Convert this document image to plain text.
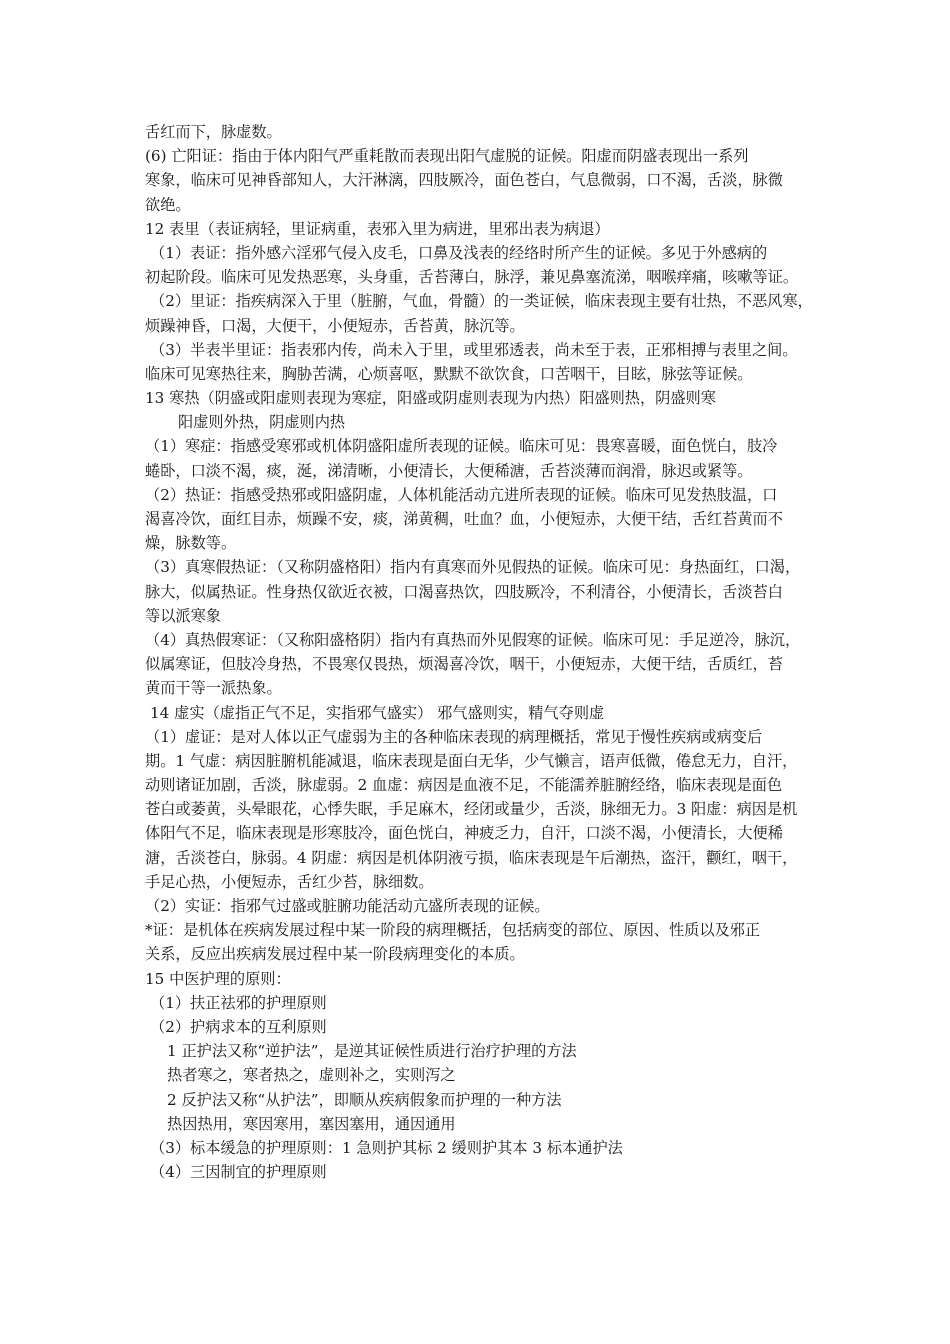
舌红而下，脉虚数。
(6) 亡阳证：指由于体内阳气严重耗散而表现出阳气虚脱的证候。阳虚而阴盛表现出一系列
寒象，临床可见神昏部知人，大汗淋漓，四肢厥冷，面色苍白，气息微弱，口不渴，舌淡，脉微
欲绝。
12 表里（表证病轻，里证病重，表邪入里为病进，里邪出表为病退）
（1）表证：指外感六淫邪气侵入皮毛，口鼻及浅表的经络时所产生的证候。多见于外感病的
初起阶段。临床可见发热恶寒，头身重，舌苔薄白，脉浮，兼见鼻塞流涕，咽喉痒痛，咳嗽等证。
（2）里证：指疾病深入于里（脏腑，气血，骨髓）的一类证候，临床表现主要有壮热，不恶风寒，
烦躁神昏，口渴，大便干，小便短赤，舌苔黄，脉沉等。
（3）半表半里证：指表邪内传，尚未入于里，或里邪透表，尚未至于表，正邪相搏与表里之间。
临床可见寒热往来，胸胁苦满，心烦喜呕，默默不欲饮食，口苦咽干，目眩，脉弦等证候。
13 寒热（阴盛或阳虚则表现为寒症，阳盛或阴虚则表现为内热）阳盛则热，阴盛则寒
阳虚则外热，阴虚则内热
（1）寒症：指感受寒邪或机体阴盛阳虚所表现的证候。临床可见：畏寒喜暖，面色恍白，肢冷
蜷卧，口淡不渴，痰，涎，涕清晰，小便清长，大便稀溏，舌苔淡薄而润滑，脉迟或紧等。
（2）热证：指感受热邪或阳盛阴虚，人体机能活动亢进所表现的证候。临床可见发热肢温，口
渴喜冷饮，面红目赤，烦躁不安，痰，涕黄稠，吐血？血，小便短赤，大便干结，舌红苔黄而不
燥，脉数等。
（3）真寒假热证：（又称阴盛格阳）指内有真寒而外见假热的证候。临床可见：身热面红，口渴，
脉大，似属热证。性身热仅欲近衣被，口渴喜热饮，四肢厥冷，不利清谷，小便清长，舌淡苔白
等以派寒象
（4）真热假寒证：（又称阳盛格阴）指内有真热而外见假寒的证候。临床可见：手足逆冷，脉沉，
似属寒证，但肢冷身热，不畏寒仅畏热，烦渴喜冷饮，咽干，小便短赤，大便干结，舌质红，苔
黄而干等一派热象。
14 虚实（虚指正气不足，实指邪气盛实） 邪气盛则实，精气夺则虚
（1）虚证：是对人体以正气虚弱为主的各种临床表现的病理概括，常见于慢性疾病或病变后
期。1 气虚：病因脏腑机能减退，临床表现是面白无华，少气懒言，语声低微，倦怠无力，自汗，
动则诸证加剧，舌淡，脉虚弱。2 血虚：病因是血液不足，不能濡养脏腑经络，临床表现是面色
苍白或萎黄，头晕眼花，心悸失眠，手足麻木，经闭或量少，舌淡，脉细无力。3 阳虚：病因是机
体阳气不足，临床表现是形寒肢冷，面色恍白，神疲乏力，自汗，口淡不渴，小便清长，大便稀
溏，舌淡苍白，脉弱。4 阴虚：病因是机体阴液亏损，临床表现是午后潮热，盗汗，颧红，咽干，
手足心热，小便短赤，舌红少苔，脉细数。
（2）实证：指邪气过盛或脏腑功能活动亢盛所表现的证候。
*证：是机体在疾病发展过程中某一阶段的病理概括，包括病变的部位、原因、性质以及邪正
关系，反应出疾病发展过程中某一阶段病理变化的本质。
15 中医护理的原则：
（1）扶正祛邪的护理原则
（2）护病求本的互利原则
1 正护法又称“逆护法”，是逆其证候性质进行治疗护理的方法
热者寒之，寒者热之，虚则补之，实则泻之
2 反护法又称“从护法”，即顺从疾病假象而护理的一种方法
热因热用，寒因寒用，塞因塞用，通因通用
（3）标本缓急的护理原则：1 急则护其标 2 缓则护其本 3 标本通护法
（4）三因制宜的护理原则
